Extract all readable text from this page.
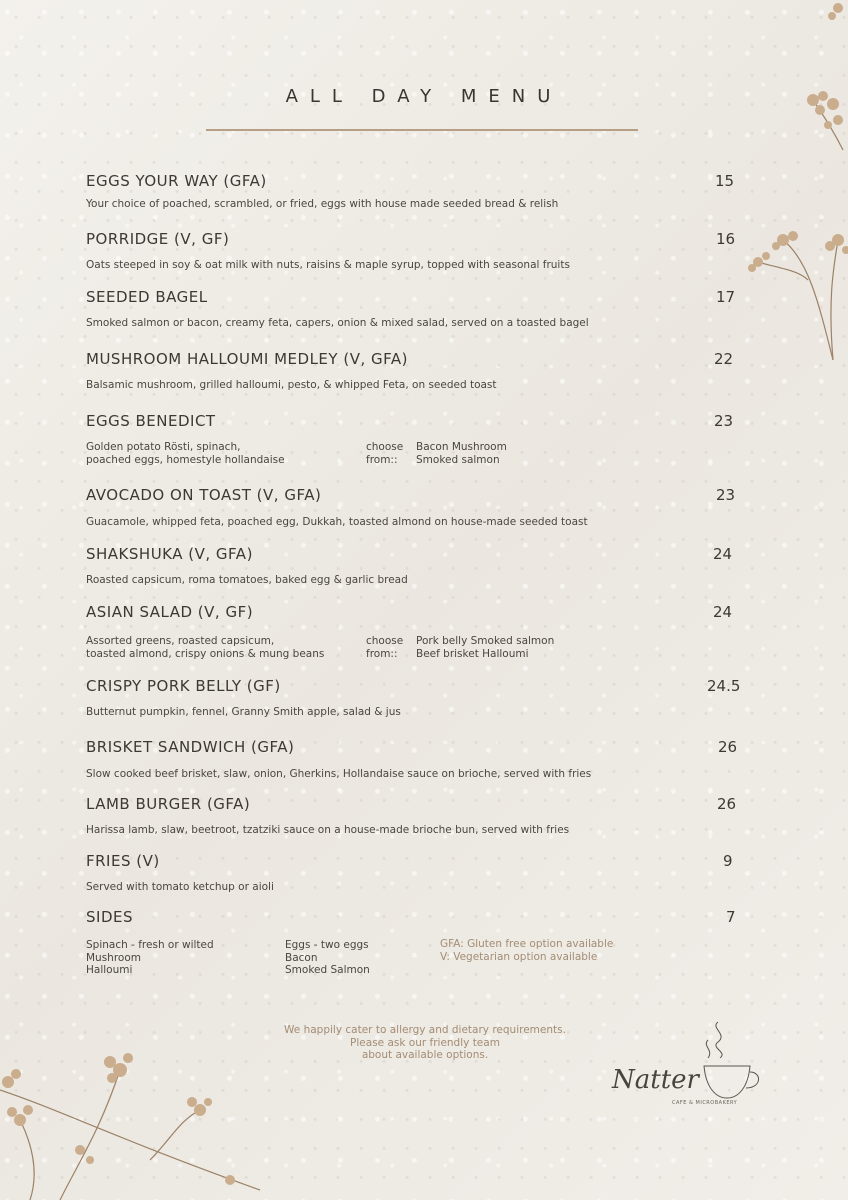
ALL DAY MENU
EGGS YOUR WAY (GFA)	15
Your choice of poached, scrambled, or fried, eggs with house made seeded bread & relish
PORRIDGE (V, GF)	16
Oats steeped in soy & oat milk with nuts, raisins & maple syrup, topped with seasonal fruits
SEEDED BAGEL	17
Smoked salmon or bacon, creamy feta, capers, onion & mixed salad, served on a toasted bagel
MUSHROOM HALLOUMI MEDLEY (V, GFA)	22
Balsamic mushroom, grilled halloumi, pesto, & whipped Feta, on seeded toast
EGGS BENEDICT	23
Golden potato Rösti, spinach,
poached eggs, homestyle hollandaise
choose
from::
Bacon Mushroom
Smoked salmon
AVOCADO ON TOAST (V, GFA)	23
Guacamole, whipped feta, poached egg, Dukkah, toasted almond on house-made seeded toast
SHAKSHUKA (V, GFA)	24
Roasted capsicum, roma tomatoes, baked egg & garlic bread
ASIAN SALAD (V, GF)	24
Assorted greens, roasted capsicum,
toasted almond, crispy onions & mung beans
choose
from::
Pork belly Smoked salmon
Beef brisket Halloumi
CRISPY PORK BELLY (GF)	24.5
Butternut pumpkin, fennel, Granny Smith apple, salad & jus
BRISKET SANDWICH (GFA)	26
Slow cooked beef brisket, slaw, onion, Gherkins, Hollandaise sauce on brioche, served with fries
LAMB BURGER (GFA)	26
Harissa lamb, slaw, beetroot, tzatziki sauce on a house-made brioche bun, served with fries
FRIES (V)	9
Served with tomato ketchup or aioli
SIDES	7
Spinach - fresh or wilted
Mushroom
Halloumi
Eggs - two eggs
Bacon
Smoked Salmon
GFA: Gluten free option available
V: Vegetarian option available
We happily cater to allergy and dietary requirements.
Please ask our friendly team
about available options.
Natter
CAFE & MICROBAKERY
